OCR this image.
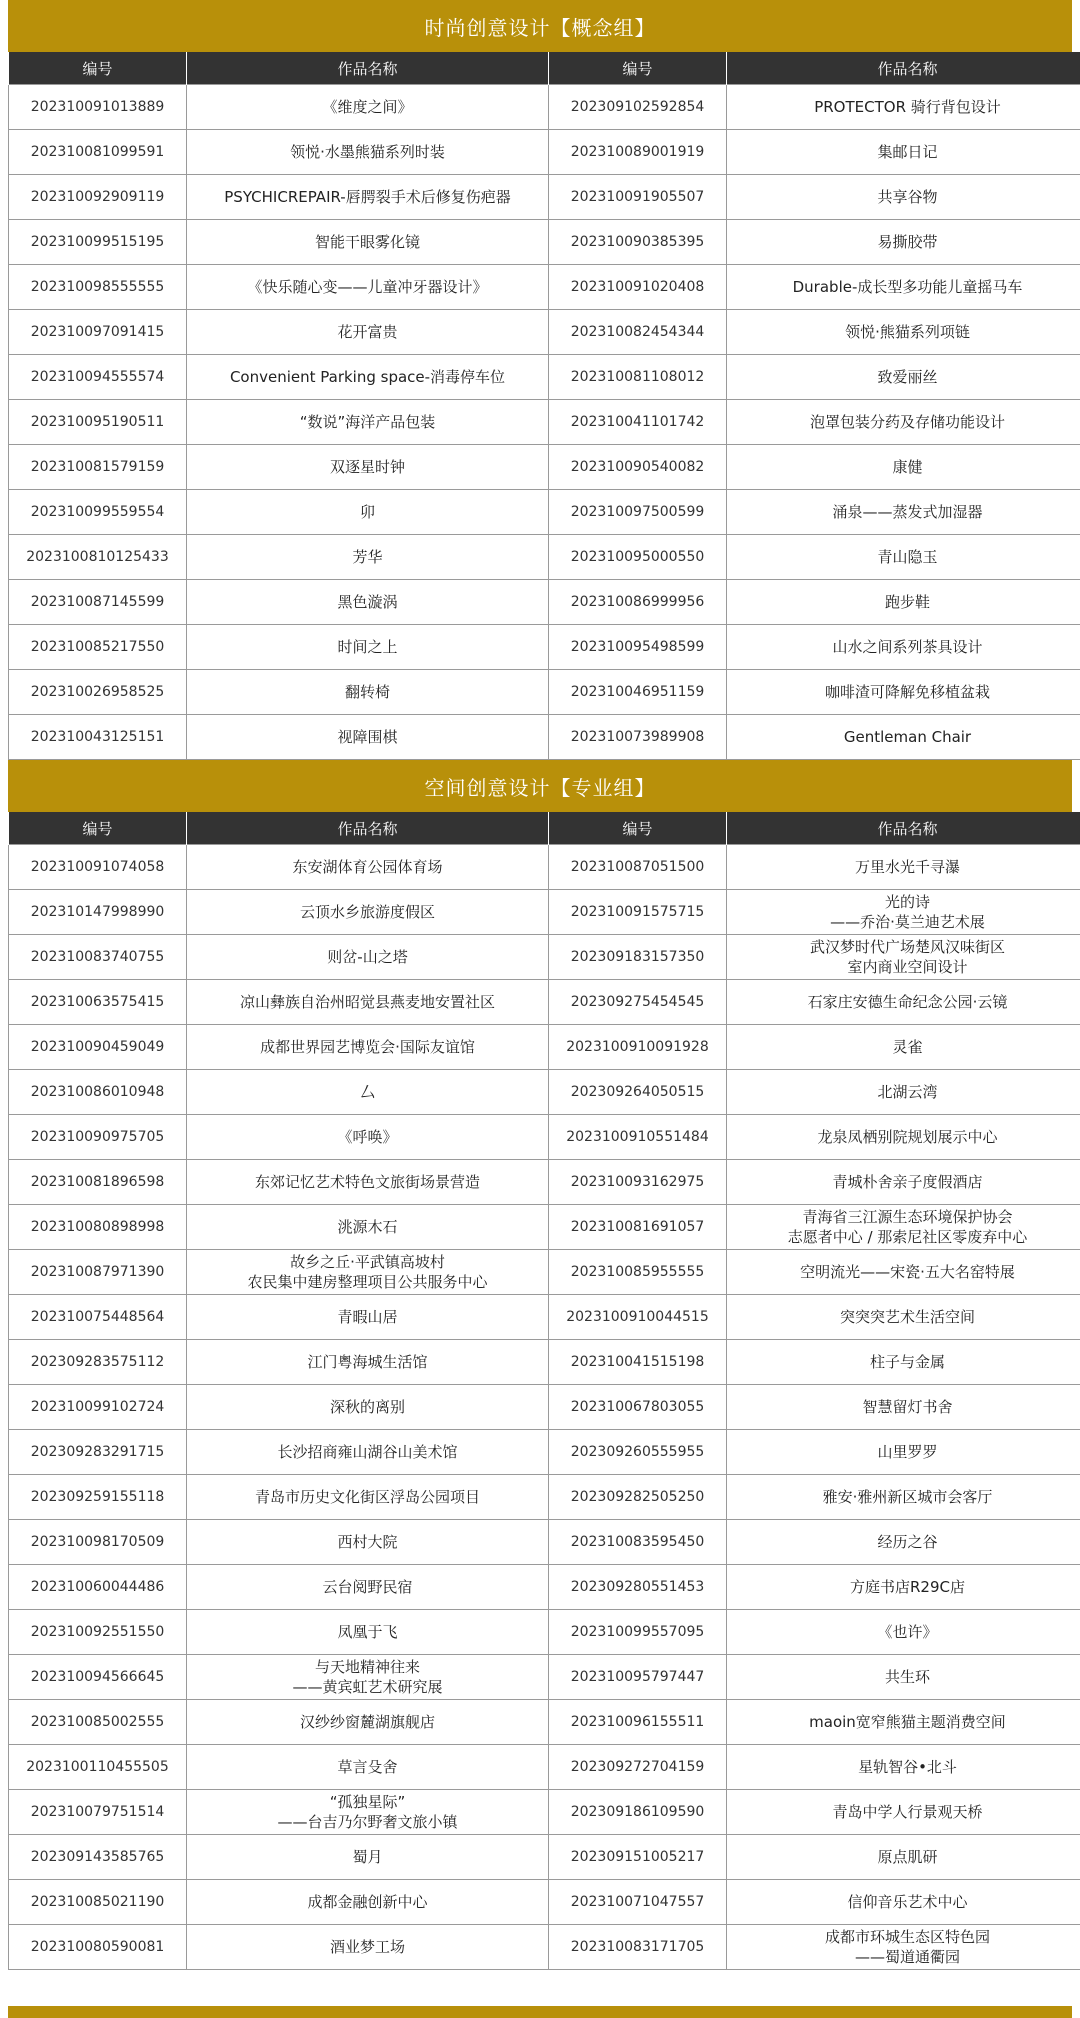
时尚创意设计【概念组】
编号	作品名称	编号	作品名称
202310091013889	《维度之间》	202309102592854	PROTECTOR 骑行背包设计
202310081099591	领悦·水墨熊猫系列时装	202310089001919	集邮日记
202310092909119	PSYCHICREPAIR-唇腭裂手术后修复伤疤器	202310091905507	共享谷物
202310099515195	智能干眼雾化镜	202310090385395	易撕胶带
202310098555555	《快乐随心变——儿童冲牙器设计》	202310091020408	Durable-成长型多功能儿童摇马车
202310097091415	花开富贵	202310082454344	领悦·熊猫系列项链
202310094555574	Convenient Parking space-消毒停车位	202310081108012	致爱丽丝
202310095190511	“数说”海洋产品包装	202310041101742	泡罩包装分药及存储功能设计
202310081579159	双逐星时钟	202310090540082	康健
202310099559554	卯	202310097500599	涌泉——蒸发式加湿器
2023100810125433	芳华	202310095000550	青山隐玉
202310087145599	黑色漩涡	202310086999956	跑步鞋
202310085217550	时间之上	202310095498599	山水之间系列茶具设计
202310026958525	翻转椅	202310046951159	咖啡渣可降解免移植盆栽
202310043125151	视障围棋	202310073989908	Gentleman Chair
空间创意设计【专业组】
编号	作品名称	编号	作品名称
202310091074058	东安湖体育公园体育场	202310087051500	万里水光千寻瀑
202310147998990	云顶水乡旅游度假区	202310091575715	光的诗
——乔治·莫兰迪艺术展
202310083740755	则岔-山之塔	202309183157350	武汉梦时代广场楚风汉味街区
室内商业空间设计
202310063575415	凉山彝族自治州昭觉县燕麦地安置社区	202309275454545	石家庄安德生命纪念公园·云镜
202310090459049	成都世界园艺博览会·国际友谊馆	2023100910091928	灵雀
202310086010948	厶	202309264050515	北湖云湾
202310090975705	《呼唤》	2023100910551484	龙泉凤栖别院规划展示中心
202310081896598	东郊记忆艺术特色文旅街场景营造	202310093162975	青城朴舍亲子度假酒店
202310080898998	洮源木石	202310081691057	青海省三江源生态环境保护协会
志愿者中心 / 那索尼社区零废弃中心
202310087971390	故乡之丘·平武镇高坡村
农民集中建房整理项目公共服务中心	202310085955555	空明流光——宋瓷·五大名窑特展
202310075448564	青暇山居	2023100910044515	突突突艺术生活空间
202309283575112	江门粤海城生活馆	202310041515198	柱子与金属
202310099102724	深秋的离别	202310067803055	智慧留灯书舍
202309283291715	长沙招商雍山湖谷山美术馆	202309260555955	山里罗罗
202309259155118	青岛市历史文化街区浮岛公园项目	202309282505250	雅安·雅州新区城市会客厅
202310098170509	西村大院	202310083595450	经历之谷
202310060044486	云台阅野民宿	202309280551453	方庭书店R29C店
202310092551550	凤凰于飞	202310099557095	《也许》
202310094566645	与天地精神往来
——黄宾虹艺术研究展	202310095797447	共生环
202310085002555	汉纱纱窗麓湖旗舰店	202310096155511	maoin宽窄熊猫主题消费空间
2023100110455505	草言殳舍	202309272704159	星轨智谷•北斗
202310079751514	“孤独星际”
——台吉乃尔野奢文旅小镇	202309186109590	青岛中学人行景观天桥
202309143585765	蜀月	202309151005217	原点肌研
202310085021190	成都金融创新中心	202310071047557	信仰音乐艺术中心
202310080590081	酒业梦工场	202310083171705	成都市环城生态区特色园
——蜀道通衢园
